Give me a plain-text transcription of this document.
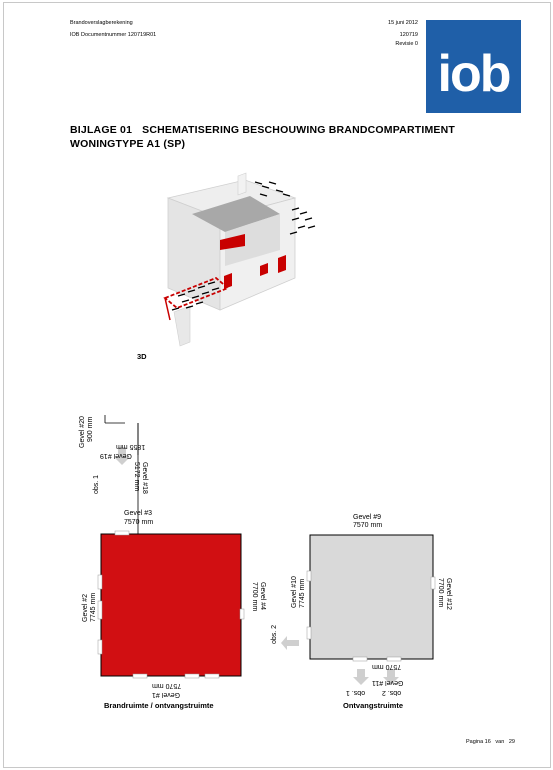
Brandoverslagberekening
IOB Documentnummer 120719R01
15 juni 2012
120719
Revisie 0
iob
BIJLAGE 01 SCHEMATISERING BESCHOUWING BRANDCOMPARTIMENT WONINGTYPE A1 (SP)
3D
Gevel #3
7570 mm
Gevel #2 7745 mm	Gevel #4
7700 mm
7570 mm
Gevel #1
Gevel #18
5172 mm
Gevel #19
1855 mm
Gevel #20 900 mm
obs. 1
Brandruimte / ontvangstruimte
Gevel #9
7570 mm
Gevel #10 7745 mm	Gevel #12
7700 mm
7570 mm
Gevel #11
obs. 1 obs. 2
obs. 2
Ontvangstruimte
Pagina 16 van 29
